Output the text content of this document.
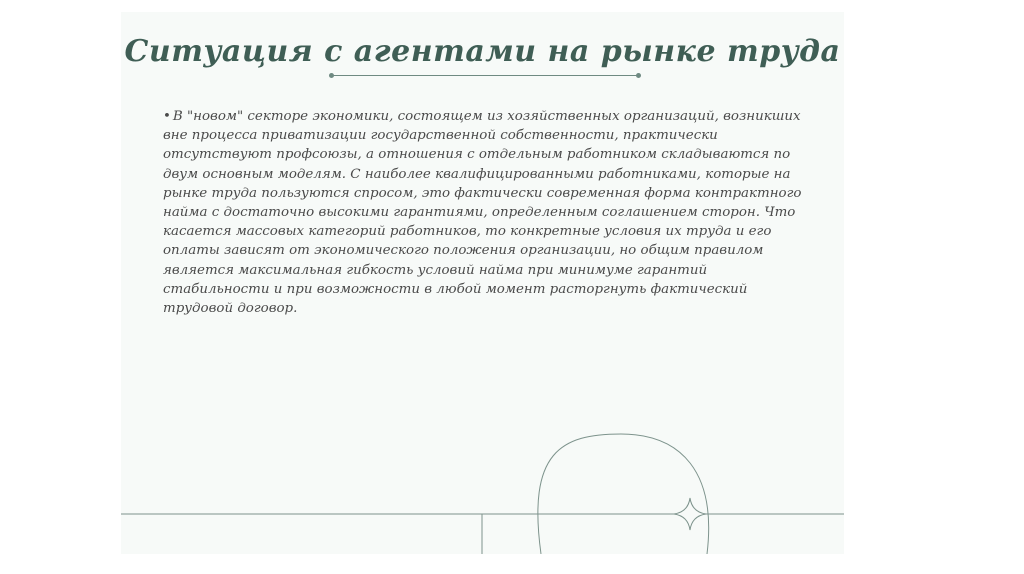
Ситуация с агентами на рынке труда

• В "новом" секторе экономики, состоящем из хозяйственных организаций, возникших вне процесса приватизации государственной собственности, практически отсутствуют профсоюзы, а отношения с отдельным работником складываются по двум основным моделям. С наиболее квалифицированными работниками, которые на рынке труда пользуются спросом, это фактически современная форма контрактного найма с достаточно высокими гарантиями, определенным соглашением сторон. Что касается массовых категорий работников, то конкретные условия их труда и его оплаты зависят от экономического положения организации, но общим правилом является максимальная гибкость условий найма при минимуме гарантий стабильности и при возможности в любой момент расторгнуть фактический трудовой договор.
